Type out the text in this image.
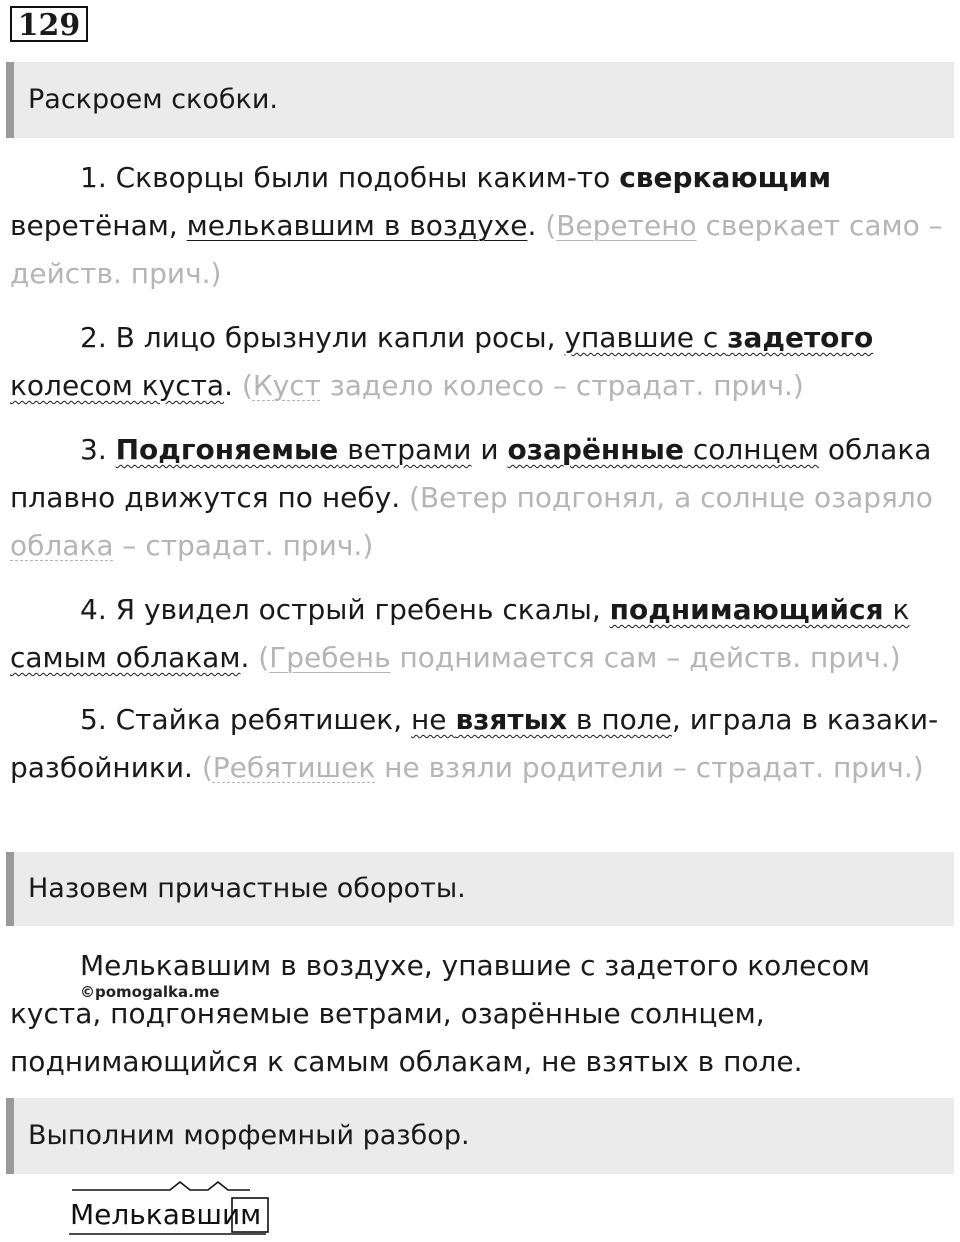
129
Раскроем скобки.

1. Скворцы были подобны каким-то сверкающим
веретёнам, мелькавшим в воздухе. (Веретено сверкает само – действ. прич.)

2. В лицо брызнули капли росы, упавшие с задетого
колесом куста. (Куст задело колесо – страдат. прич.)

3. Подгоняемые ветрами и озарённые солнцем облака плавно движутся по небу. (Ветер подгонял, а солнце озаряло облака – страдат. прич.)

4. Я увидел острый гребень скалы, поднимающийся к самым облакам. (Гребень поднимается сам – действ. прич.)

5. Стайка ребятишек, не взятых в поле, играла в казаки-разбойники. (Ребятишек не взяли родители – страдат. прич.)

Назовем причастные обороты.

Мелькавшим в воздухе, упавшие с задетого колесом куста, подгоняемые ветрами, озарённые солнцем, поднимающийся к самым облакам, не взятых в поле.

©pomogalka.me
Выполним морфемный разбор.
Мелькавшим
